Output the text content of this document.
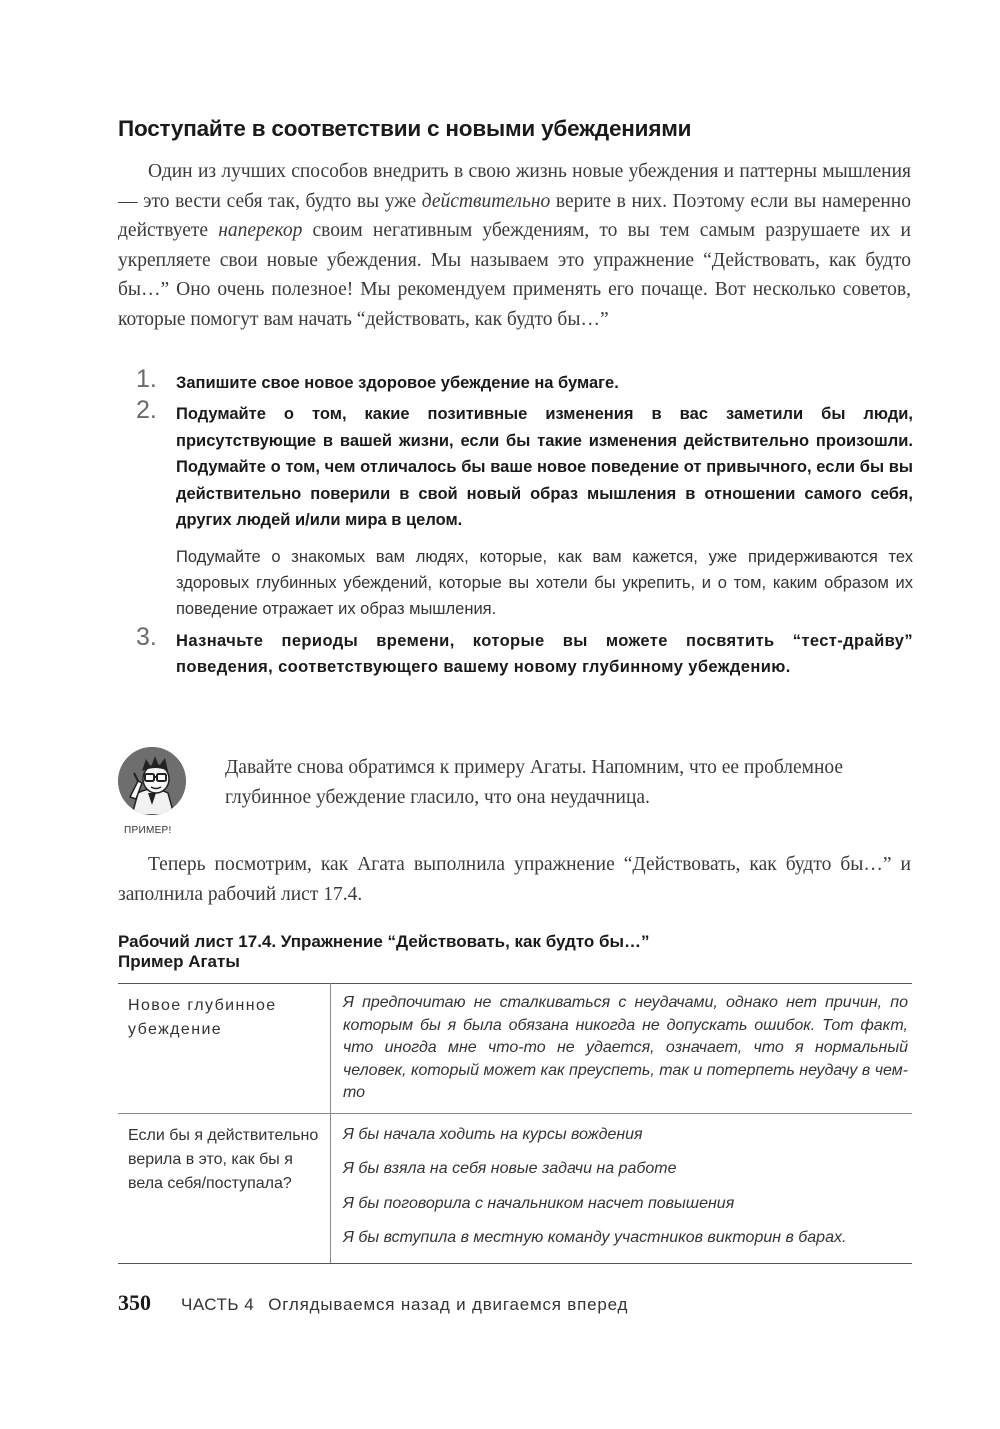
Поступайте в соответствии с новыми убеждениями

Один из лучших способов внедрить в свою жизнь новые убеждения и паттерны мышления — это вести себя так, будто вы уже действительно верите в них. Поэтому если вы намеренно действуете наперекор своим негативным убеждениям, то вы тем самым разрушаете их и укрепляете свои новые убеждения. Мы называем это упражнение “Действовать, как будто бы…” Оно очень полезное! Мы рекомендуем применять его почаще. Вот несколько советов, которые помогут вам начать “действовать, как будто бы…”

1. Запишите свое новое здоровое убеждение на бумаге.
2. Подумайте о том, какие позитивные изменения в вас заметили бы люди, присутствующие в вашей жизни, если бы такие изменения действительно произошли. Подумайте о том, чем отличалось бы ваше новое поведение от привычного, если бы вы действительно поверили в свой новый образ мышления в отношении самого себя, других людей и/или мира в целом.

Подумайте о знакомых вам людях, которые, как вам кажется, уже придерживаются тех здоровых глубинных убеждений, которые вы хотели бы укрепить, и о том, каким образом их поведение отражает их образ мышления.

3. Назначьте периоды времени, которые вы можете посвятить “тест-драйву” поведения, соответствующего вашему новому глубинному убеждению.
ПРИМЕР!

Давайте снова обратимся к примеру Агаты. Напомним, что ее проблемное глубинное убеждение гласило, что она неудачница.

Теперь посмотрим, как Агата выполнила упражнение “Действовать, как будто бы…” и заполнила рабочий лист 17.4.

Рабочий лист 17.4. Упражнение “Действовать, как будто бы…”
Пример Агаты
Новое глубинное убеждение	Я предпочитаю не сталкиваться с неудачами, однако нет причин, по которым бы я была обязана никогда не допускать ошибок. Тот факт, что иногда мне что-то не удается, означает, что я нормальный человек, который может как преуспеть, так и потерпеть неудачу в чем-то
Если бы я действительно верила в это, как бы я вела себя/поступала?	Я бы начала ходить на курсы вождения
Я бы взяла на себя новые задачи на работе
Я бы поговорила с начальником насчет повышения
Я бы вступила в местную команду участников викторин в барах.
350 ЧАСТЬ 4 Оглядываемся назад и двигаемся вперед
